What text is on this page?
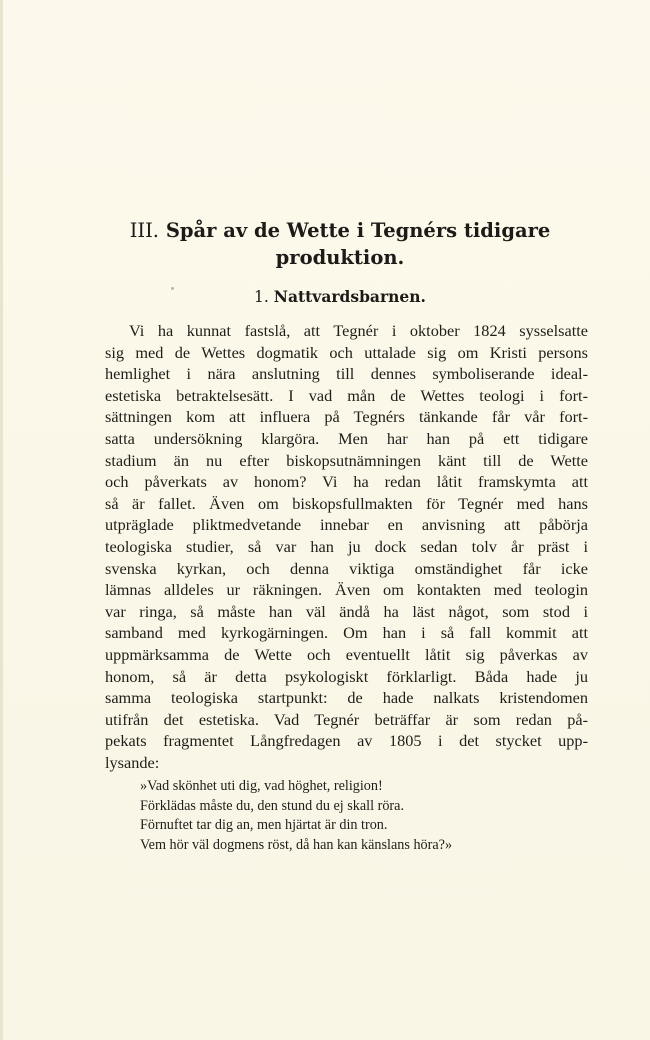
III. Spår av de Wette i Tegnérs tidigare
produktion.
1. Nattvardsbarnen.
Vi ha kunnat fastslå, att Tegnér i oktober 1824 sysselsatte
sig med de Wettes dogmatik och uttalade sig om Kristi persons
hemlighet i nära anslutning till dennes symboliserande ideal-
estetiska betraktelsesätt. I vad mån de Wettes teologi i fort-
sättningen kom att influera på Tegnérs tänkande får vår fort-
satta undersökning klargöra. Men har han på ett tidigare
stadium än nu efter biskopsutnämningen känt till de Wette
och påverkats av honom? Vi ha redan låtit framskymta att
så är fallet. Även om biskopsfullmakten för Tegnér med hans
utpräglade pliktmedvetande innebar en anvisning att påbörja
teologiska studier, så var han ju dock sedan tolv år präst i
svenska kyrkan, och denna viktiga omständighet får icke
lämnas alldeles ur räkningen. Även om kontakten med teologin
var ringa, så måste han väl ändå ha läst något, som stod i
samband med kyrkogärningen. Om han i så fall kommit att
uppmärksamma de Wette och eventuellt låtit sig påverkas av
honom, så är detta psykologiskt förklarligt. Båda hade ju
samma teologiska startpunkt: de hade nalkats kristendomen
utifrån det estetiska. Vad Tegnér beträffar är som redan på-
pekats fragmentet Långfredagen av 1805 i det stycket upp-
lysande:
»Vad skönhet uti dig, vad höghet, religion!
Förklädas måste du, den stund du ej skall röra.
Förnuftet tar dig an, men hjärtat är din tron.
Vem hör väl dogmens röst, då han kan känslans höra?»
